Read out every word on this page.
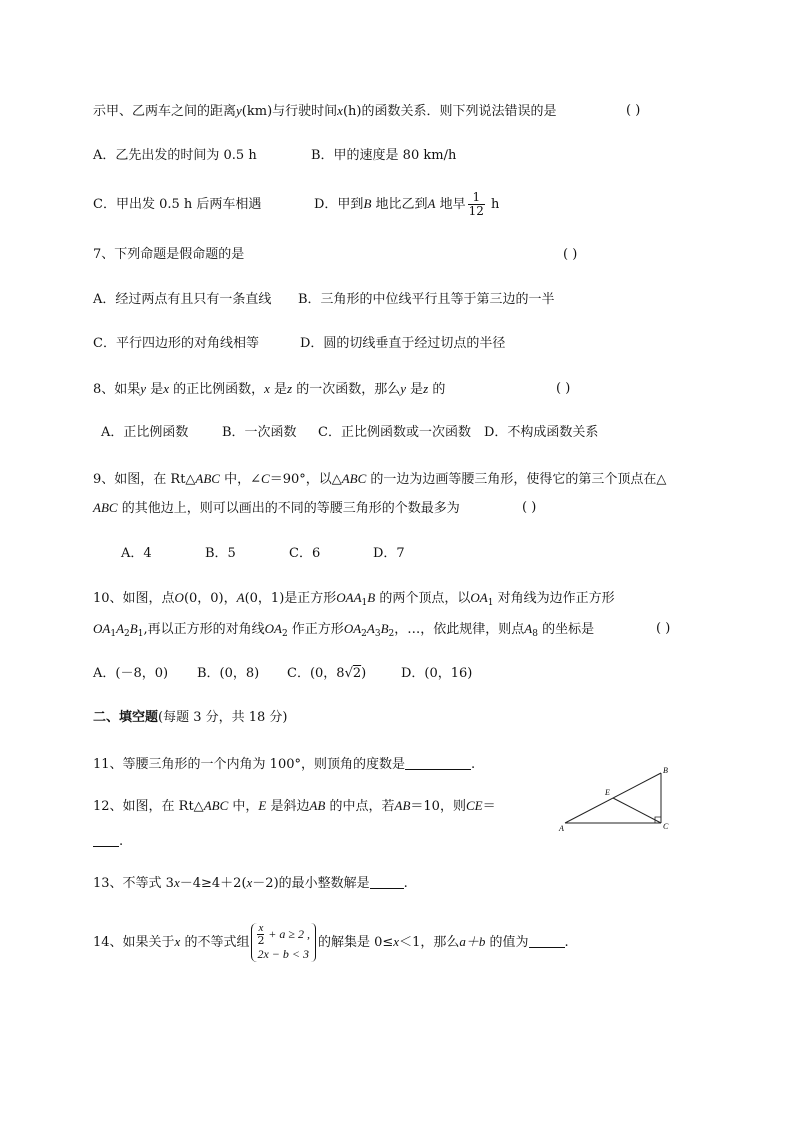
示甲、乙两车之间的距离y(km)与行驶时间x(h)的函数关系．则下列说法错误的是	( )
A．乙先出发的时间为 0.5 h	B．甲的速度是 80 km/h
C．甲出发 0.5 h 后两车相遇	D．甲到B 地比乙到A 地早 $\frac{1}{12}$ h
7、下列命题是假命题的是	( )
A．经过两点有且只有一条直线 B．三角形的中位线平行且等于第三边的一半
C．平行四边形的对角线相等	D．圆的切线垂直于经过切点的半径
8、如果y 是x 的正比例函数，x 是z 的一次函数，那么y 是z 的	( )
A．正比例函数	B．一次函数 C．正比例函数或一次函数 D．不构成函数关系
9、如图，在 Rt△ABC 中，∠C＝90°，以△ABC 的一边为边画等腰三角形，使得它的第三个顶点在△
ABC 的其他边上，则可以画出的不同的等腰三角形的个数最多为	( )
A．4	B．5	C．6	D．7
10、如图，点O(0，0)，A(0，1)是正方形$OAA_1B$ 的两个顶点，以$OA_1$ 对角线为边作正方形
$OA_1A_2B_1$,再以正方形的对角线$OA_2$ 作正方形$OA_2A_3B_2$，…，依此规律，则点$A_8$ 的坐标是	( )
A．(－8，0) B．(0，8) C．(0，8√2)	D．(0，16)
二、填空题(每题 3 分，共 18 分)
11、等腰三角形的一个内角为 100°，则顶角的度数是	.
12、如图，在 Rt△ABC 中，E 是斜边AB 的中点，若AB＝10，则CE＝
.
A
B
C
E
13、不等式 3x－4≥4＋2(x－2)的最小整数解是	.
14、如果关于x 的不等式组 $\frac{x}{2} + a \ge 2$ ,
2x − b < 3
的解集是 0≤x＜1，那么a＋b 的值为	.
